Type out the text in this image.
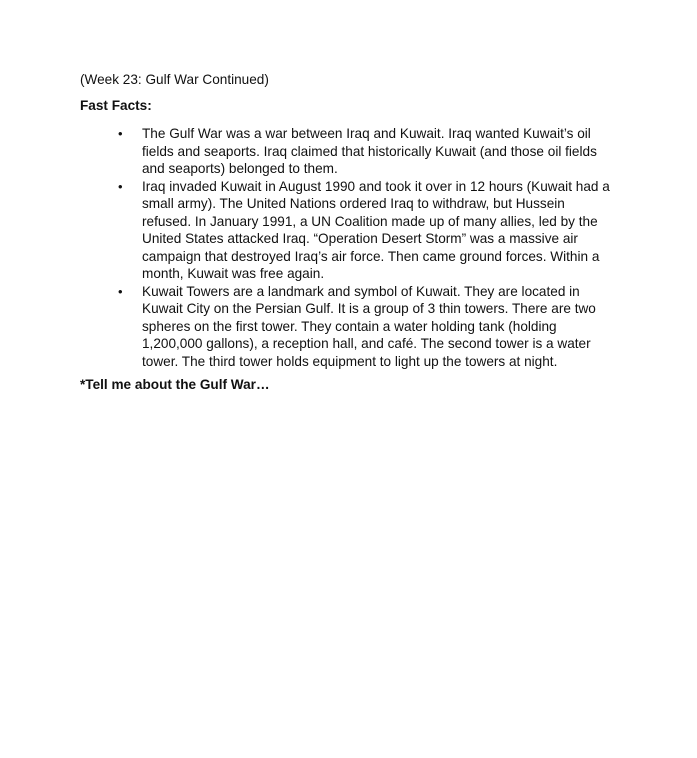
(Week 23: Gulf War Continued)
Fast Facts:
•	The Gulf War was a war between Iraq and Kuwait. Iraq wanted Kuwait’s oil
fields and seaports. Iraq claimed that historically Kuwait (and those oil fields
and seaports) belonged to them.
•	Iraq invaded Kuwait in August 1990 and took it over in 12 hours (Kuwait had a
small army). The United Nations ordered Iraq to withdraw, but Hussein
refused. In January 1991, a UN Coalition made up of many allies, led by the
United States attacked Iraq. “Operation Desert Storm” was a massive air
campaign that destroyed Iraq’s air force. Then came ground forces. Within a
month, Kuwait was free again.
•	Kuwait Towers are a landmark and symbol of Kuwait. They are located in
Kuwait City on the Persian Gulf. It is a group of 3 thin towers. There are two
spheres on the first tower. They contain a water holding tank (holding
1,200,000 gallons), a reception hall, and café. The second tower is a water
tower. The third tower holds equipment to light up the towers at night.
*Tell me about the Gulf War…
